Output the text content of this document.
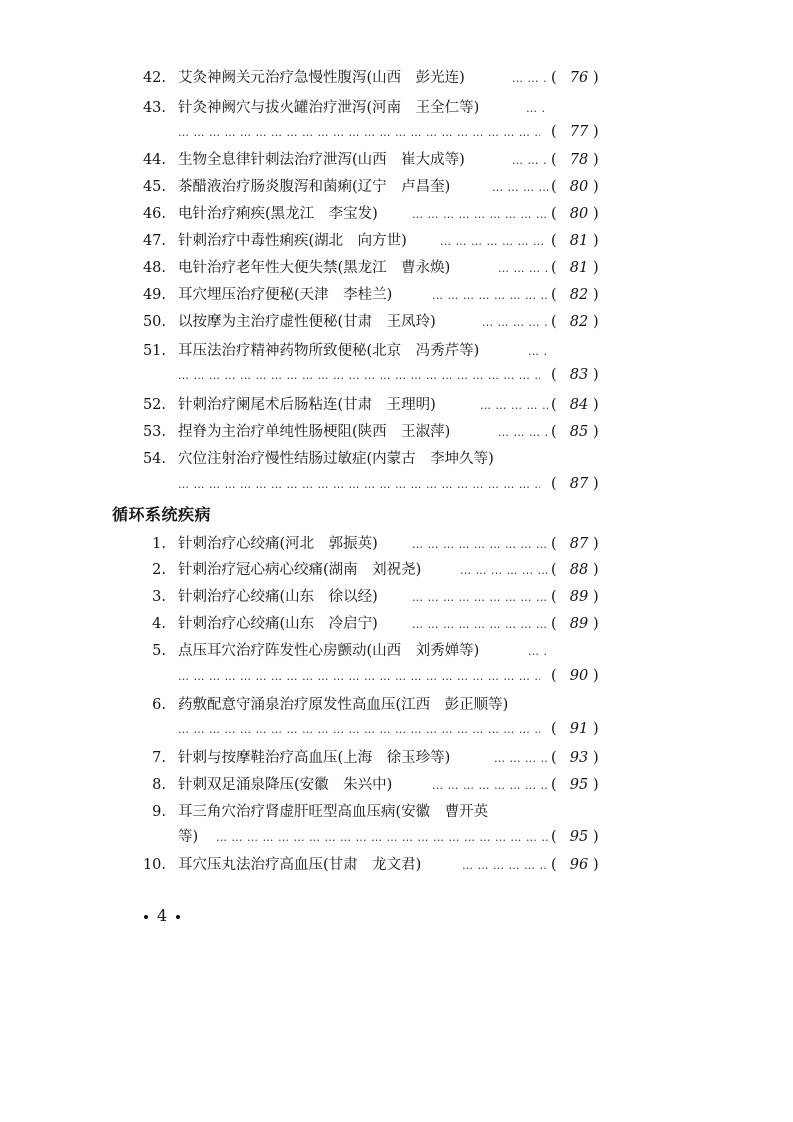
42. 艾灸神阙关元治疗急慢性腹泻(山西　彭光连) … … … … … … … … … … … … … … … … … … … … … … … … … … … … … … … … … … … … … … … … … … … … … … … …	( 76 )
43. 针灸神阙穴与拔火罐治疗泄泻(河南　王全仁等)
… … … … … … … … … … … … … … … … … … … … … … … … … … … … … … … … … … … … … … … … … … … … … … … …
… … … … … … … … … … … … … … … … … … … … … … … … … … … … … … … … … … … … … … … … … … … … … … … …
( 77 )
44. 生物全息律针刺法治疗泄泻(山西　崔大成等) … … … … … … … … … … … … … … … … … … … … … … … … … … … … … … … … … … … … … … … … … … … … … … … …	( 78 )
45. 茶醋液治疗肠炎腹泻和菌痢(辽宁　卢昌奎) … … … … … … … … … … … … … … … … … … … … … … … … … … … … … … … … … … … … … … … … … … … … … … … …	( 80 )
46. 电针治疗痢疾(黑龙江　李宝发) … … … … … … … … … … … … … … … … … … … … … … … … … … … … … … … … … … … … … … … … … … … … … … … …	( 80 )
47. 针刺治疗中毒性痢疾(湖北　向方世) … … … … … … … … … … … … … … … … … … … … … … … … … … … … … … … … … … … … … … … … … … … … … … … …	( 81 )
48. 电针治疗老年性大便失禁(黑龙江　曹永焕) … … … … … … … … … … … … … … … … … … … … … … … … … … … … … … … … … … … … … … … … … … … … … … … …	( 81 )
49. 耳穴埋压治疗便秘(天津　李桂兰) … … … … … … … … … … … … … … … … … … … … … … … … … … … … … … … … … … … … … … … … … … … … … … … …	( 82 )
50. 以按摩为主治疗虚性便秘(甘肃　王凤玲) … … … … … … … … … … … … … … … … … … … … … … … … … … … … … … … … … … … … … … … … … … … … … … … …	( 82 )
51. 耳压法治疗精神药物所致便秘(北京　冯秀芹等)
… … … … … … … … … … … … … … … … … … … … … … … … … … … … … … … … … … … … … … … … … … … … … … … …
… … … … … … … … … … … … … … … … … … … … … … … … … … … … … … … … … … … … … … … … … … … … … … … …
( 83 )
52. 针刺治疗阑尾术后肠粘连(甘肃　王理明) … … … … … … … … … … … … … … … … … … … … … … … … … … … … … … … … … … … … … … … … … … … … … … … …	( 84 )
53. 捏脊为主治疗单纯性肠梗阻(陕西　王淑萍) … … … … … … … … … … … … … … … … … … … … … … … … … … … … … … … … … … … … … … … … … … … … … … … …	( 85 )
54. 穴位注射治疗慢性结肠过敏症(内蒙古　李坤久等)
… … … … … … … … … … … … … … … … … … … … … … … … … … … … … … … … … … … … … … … … … … … … … … … …
( 87 )
循环系统疾病
1. 针刺治疗心绞痛(河北　郭振英) … … … … … … … … … … … … … … … … … … … … … … … … … … … … … … … … … … … … … … … … … … … … … … … …	( 87 )
2. 针刺治疗冠心病心绞痛(湖南　刘祝尧) … … … … … … … … … … … … … … … … … … … … … … … … … … … … … … … … … … … … … … … … … … … … … … … …	( 88 )
3. 针刺治疗心绞痛(山东　徐以经) … … … … … … … … … … … … … … … … … … … … … … … … … … … … … … … … … … … … … … … … … … … … … … … …	( 89 )
4. 针刺治疗心绞痛(山东　冷启宁) … … … … … … … … … … … … … … … … … … … … … … … … … … … … … … … … … … … … … … … … … … … … … … … …	( 89 )
5. 点压耳穴治疗阵发性心房颤动(山西　刘秀婵等)
… … … … … … … … … … … … … … … … … … … … … … … … … … … … … … … … … … … … … … … … … … … … … … … …
… … … … … … … … … … … … … … … … … … … … … … … … … … … … … … … … … … … … … … … … … … … … … … … …
( 90 )
6. 药敷配意守涌泉治疗原发性高血压(江西　彭正顺等)
… … … … … … … … … … … … … … … … … … … … … … … … … … … … … … … … … … … … … … … … … … … … … … … …
( 91 )
7. 针刺与按摩鞋治疗高血压(上海　徐玉珍等) … … … … … … … … … … … … … … … … … … … … … … … … … … … … … … … … … … … … … … … … … … … … … … … …	( 93 )
8. 针刺双足涌泉降压(安徽　朱兴中) … … … … … … … … … … … … … … … … … … … … … … … … … … … … … … … … … … … … … … … … … … … … … … … …	( 95 )
9. 耳三角穴治疗肾虚肝旺型高血压病(安徽　曹开英
等) … … … … … … … … … … … … … … … … … … … … … … … … … … … … … … … … … … … … … … … … … … … … … … … …	( 95 )
10. 耳穴压丸法治疗高血压(甘肃　龙文君) … … … … … … … … … … … … … … … … … … … … … … … … … … … … … … … … … … … … … … … … … … … … … … … …	( 96 )
4
